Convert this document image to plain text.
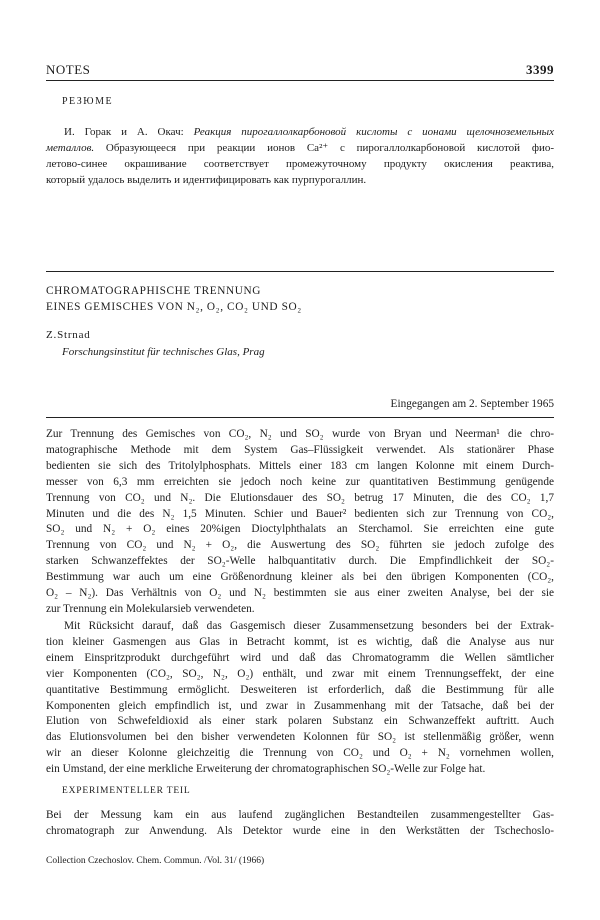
NOTES	3399
РЕЗЮМЕ
И. Горак и А. Окач: Реакция пирогаллолкарбоновой кислоты с ионами щелочноземельных
металлов. Образующееся при реакции ионов Ca²⁺ с пирогаллолкарбоновой кислотой фио-
летово-синее окрашивание соответствует промежуточному продукту окисления реактива,
который удалось выделить и идентифицировать как пурпурогаллин.
CHROMATOGRAPHISCHE TRENNUNG
EINES GEMISCHES VON N₂, O₂, CO₂ UND SO₂
Z.Strnad
Forschungsinstitut für technisches Glas, Prag
Eingegangen am 2. September 1965
Zur Trennung des Gemisches von CO₂, N₂ und SO₂ wurde von Bryan und Neerman¹ die chro-
matographische Methode mit dem System Gas–Flüssigkeit verwendet. Als stationärer Phase
bedienten sie sich des Tritolylphosphats. Mittels einer 183 cm langen Kolonne mit einem Durch-
messer von 6,3 mm erreichten sie jedoch noch keine zur quantitativen Bestimmung genügende
Trennung von CO₂ und N₂. Die Elutionsdauer des SO₂ betrug 17 Minuten, die des CO₂ 1,7
Minuten und die des N₂ 1,5 Minuten. Schier und Bauer² bedienten sich zur Trennung von CO₂,
SO₂ und N₂ + O₂ eines 20%igen Dioctylphthalats an Sterchamol. Sie erreichten eine gute
Trennung von CO₂ und N₂ + O₂, die Auswertung des SO₂ führten sie jedoch zufolge des
starken Schwanzeffektes der SO₂-Welle halbquantitativ durch. Die Empfindlichkeit der SO₂-
Bestimmung war auch um eine Größenordnung kleiner als bei den übrigen Komponenten (CO₂,
O₂ – N₂). Das Verhältnis von O₂ und N₂ bestimmten sie aus einer zweiten Analyse, bei der sie
zur Trennung ein Molekularsieb verwendeten.
Mit Rücksicht darauf, daß das Gasgemisch dieser Zusammensetzung besonders bei der Extrak-
tion kleiner Gasmengen aus Glas in Betracht kommt, ist es wichtig, daß die Analyse aus nur
einem Einspritzprodukt durchgeführt wird und daß das Chromatogramm die Wellen sämtlicher
vier Komponenten (CO₂, SO₂, N₂, O₂) enthält, und zwar mit einem Trennungseffekt, der eine
quantitative Bestimmung ermöglicht. Desweiteren ist erforderlich, daß die Bestimmung für alle
Komponenten gleich empfindlich ist, und zwar in Zusammenhang mit der Tatsache, daß bei der
Elution von Schwefeldioxid als einer stark polaren Substanz ein Schwanzeffekt auftritt. Auch
das Elutionsvolumen bei den bisher verwendeten Kolonnen für SO₂ ist stellenmäßig größer, wenn
wir an dieser Kolonne gleichzeitig die Trennung von CO₂ und O₂ + N₂ vornehmen wollen,
ein Umstand, der eine merkliche Erweiterung der chromatographischen SO₂-Welle zur Folge hat.
EXPERIMENTELLER TEIL
Bei der Messung kam ein aus laufend zugänglichen Bestandteilen zusammengestellter Gas-
chromatograph zur Anwendung. Als Detektor wurde eine in den Werkstätten der Tschechoslo-
Collection Czechoslov. Chem. Commun. /Vol. 31/ (1966)
